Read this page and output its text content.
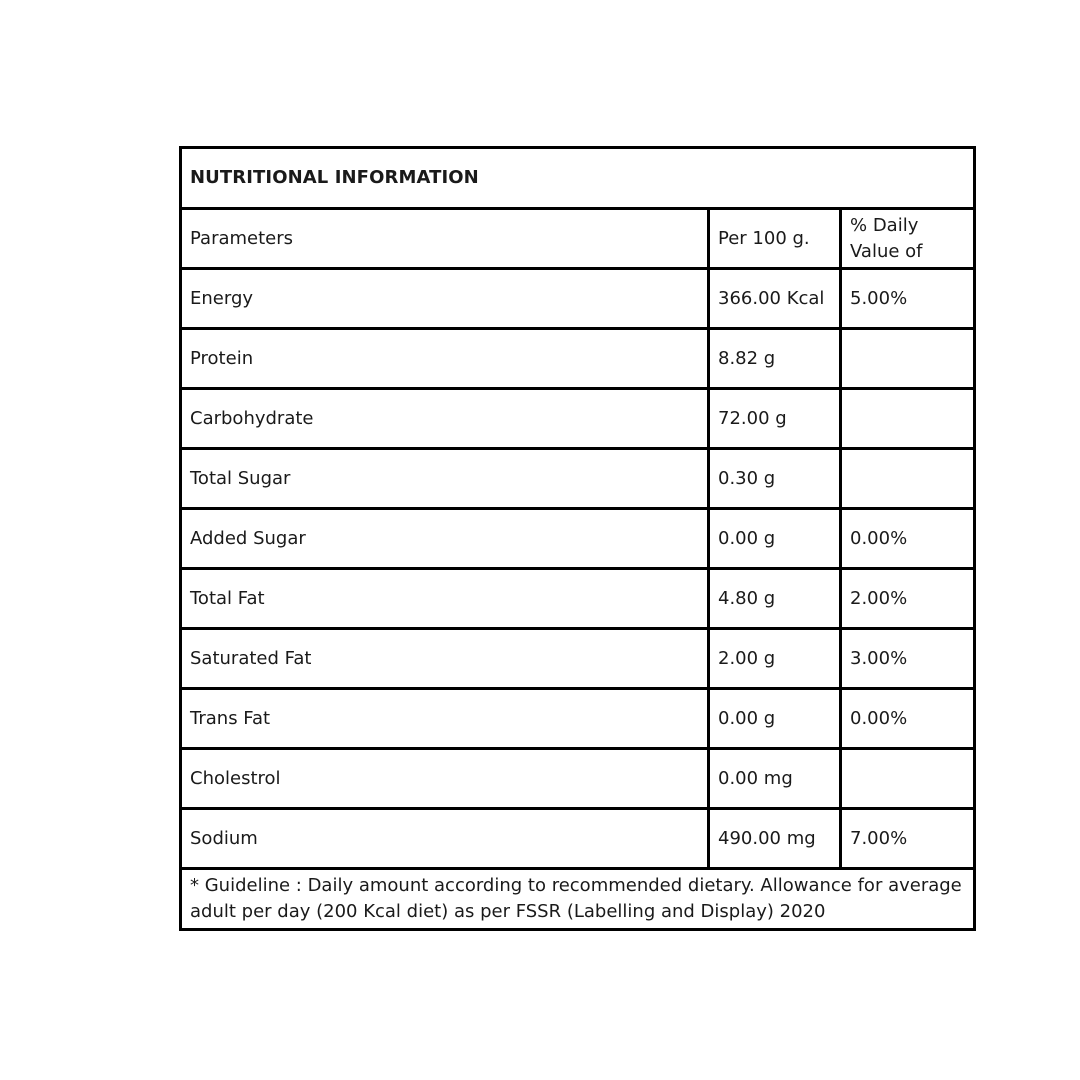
NUTRITIONAL INFORMATION		
Parameters	Per 100 g.	% Daily Value of
Energy	366.00 Kcal	5.00%
Protein	8.82 g	
Carbohydrate	72.00 g	
Total Sugar	0.30 g	
Added Sugar	0.00 g	0.00%
Total Fat	4.80 g	2.00%
Saturated Fat	2.00 g	3.00%
Trans Fat	0.00 g	0.00%
Cholestrol	0.00 mg	
Sodium	490.00 mg	7.00%
* Guideline : Daily amount according to recommended dietary. Allowance for average adult per day (200 Kcal diet) as per FSSR (Labelling and Display) 2020		
